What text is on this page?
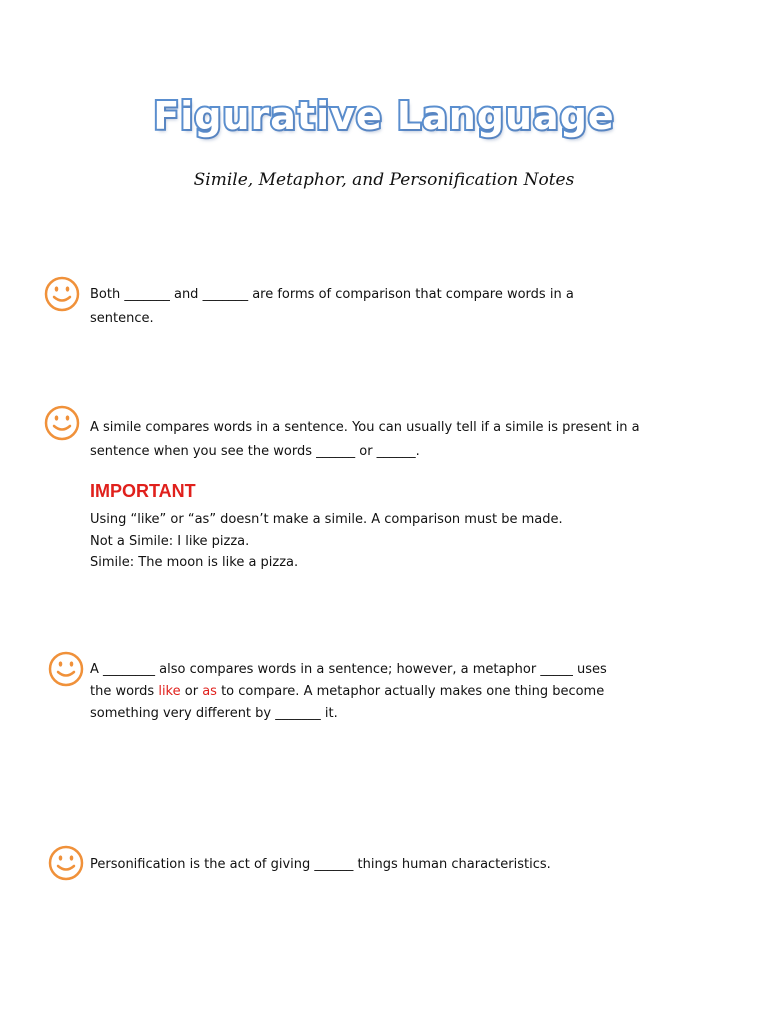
Figurative Language

Simile, Metaphor, and Personification Notes

Both _______ and _______ are forms of comparison that compare words in a
sentence.
A simile compares words in a sentence. You can usually tell if a simile is present in a
sentence when you see the words ______ or ______.
IMPORTANT
Using “like” or “as” doesn’t make a simile. A comparison must be made.
Not a Simile: I like pizza.
Simile: The moon is like a pizza.
A ________ also compares words in a sentence; however, a metaphor _____ uses
the words like or as to compare. A metaphor actually makes one thing become
something very different by _______ it.
Personification is the act of giving ______ things human characteristics.
